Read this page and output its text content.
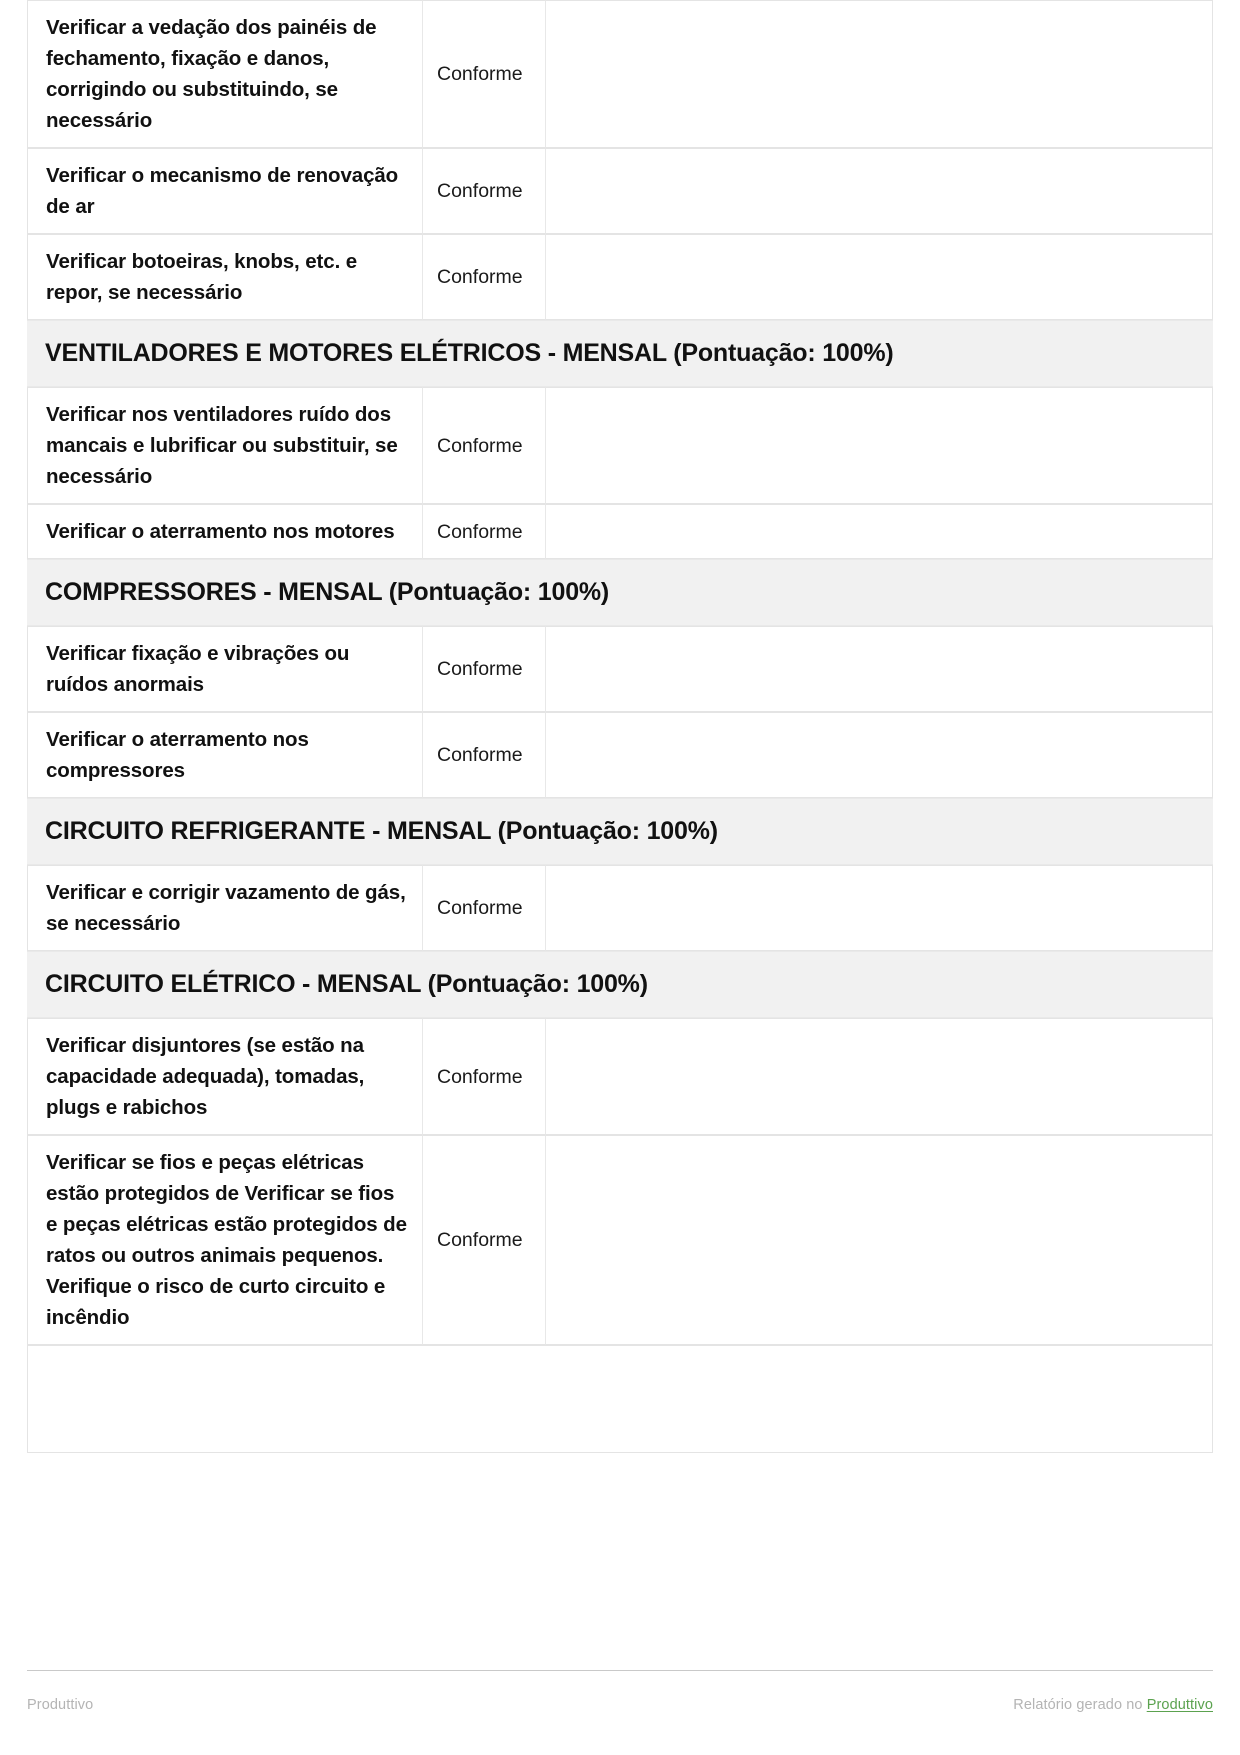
Verificar a vedação dos painéis de fechamento, fixação e danos, corrigindo ou substituindo, se necessário	Conforme	
Verificar o mecanismo de renovação de ar	Conforme	
Verificar botoeiras, knobs, etc. e repor, se necessário	Conforme	
VENTILADORES E MOTORES ELÉTRICOS - MENSAL (Pontuação: 100%)		
Verificar nos ventiladores ruído dos mancais e lubrificar ou substituir, se necessário	Conforme	
Verificar o aterramento nos motores	Conforme	
COMPRESSORES - MENSAL (Pontuação: 100%)		
Verificar fixação e vibrações ou ruídos anormais	Conforme	
Verificar o aterramento nos compressores	Conforme	
CIRCUITO REFRIGERANTE - MENSAL (Pontuação: 100%)		
Verificar e corrigir vazamento de gás, se necessário	Conforme	
CIRCUITO ELÉTRICO - MENSAL (Pontuação: 100%)		
Verificar disjuntores (se estão na capacidade adequada), tomadas, plugs e rabichos	Conforme	
Verificar se fios e peças elétricas estão protegidos de Verificar se fios e peças elétricas estão protegidos de ratos ou outros animais pequenos. Verifique o risco de curto circuito e incêndio	Conforme	

Produttivo	Relatório gerado no Produttivo
